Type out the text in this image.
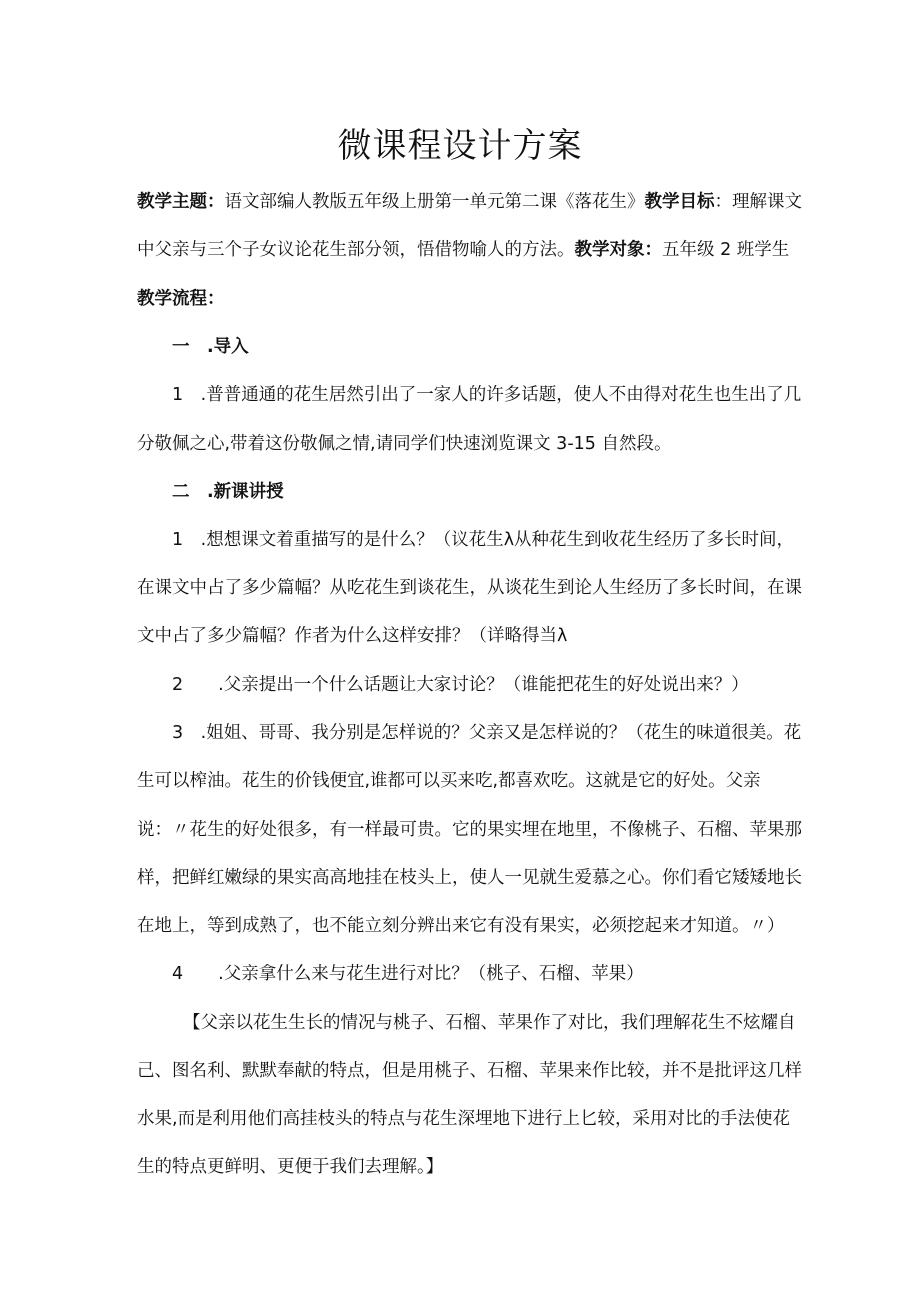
微课程设计方案
教学主题：语文部编人教版五年级上册第一单元第二课《落花生》教学目标：理解课文
中父亲与三个子女议论花生部分领，悟借物喻人的方法。教学对象：五年级 2 班学生
教学流程：
一　.导入
1　.普普通通的花生居然引出了一家人的许多话题，使人不由得对花生也生出了几
分敬佩之心,带着这份敬佩之情,请同学们快速浏览课文 3-15 自然段。
二　.新课讲授
1　.想想课文着重描写的是什么？（议花生λ从种花生到收花生经历了多长时间，
在课文中占了多少篇幅？从吃花生到谈花生，从谈花生到论人生经历了多长时间，在课
文中占了多少篇幅？作者为什么这样安排？（详略得当λ
2　　.父亲提出一个什么话题让大家讨论？（谁能把花生的好处说出来？）
3　.姐姐、哥哥、我分别是怎样说的？父亲又是怎样说的？（花生的味道很美。花
生可以榨油。花生的价钱便宜,谁都可以买来吃,都喜欢吃。这就是它的好处。父亲
说：〃花生的好处很多，有一样最可贵。它的果实埋在地里，不像桃子、石榴、苹果那
样，把鲜红嫩绿的果实高高地挂在枝头上，使人一见就生爱慕之心。你们看它矮矮地长
在地上，等到成熟了，也不能立刻分辨出来它有没有果实，必须挖起来才知道。〃）
4　　.父亲拿什么来与花生进行对比？（桃子、石榴、苹果）
【父亲以花生生长的情况与桃子、石榴、苹果作了对比，我们理解花生不炫耀自
己、图名利、默默奉献的特点，但是用桃子、石榴、苹果来作比较，并不是批评这几样
水果,而是利用他们高挂枝头的特点与花生深埋地下进行上匕较，采用对比的手法使花
生的特点更鲜明、更便于我们去理解。】
